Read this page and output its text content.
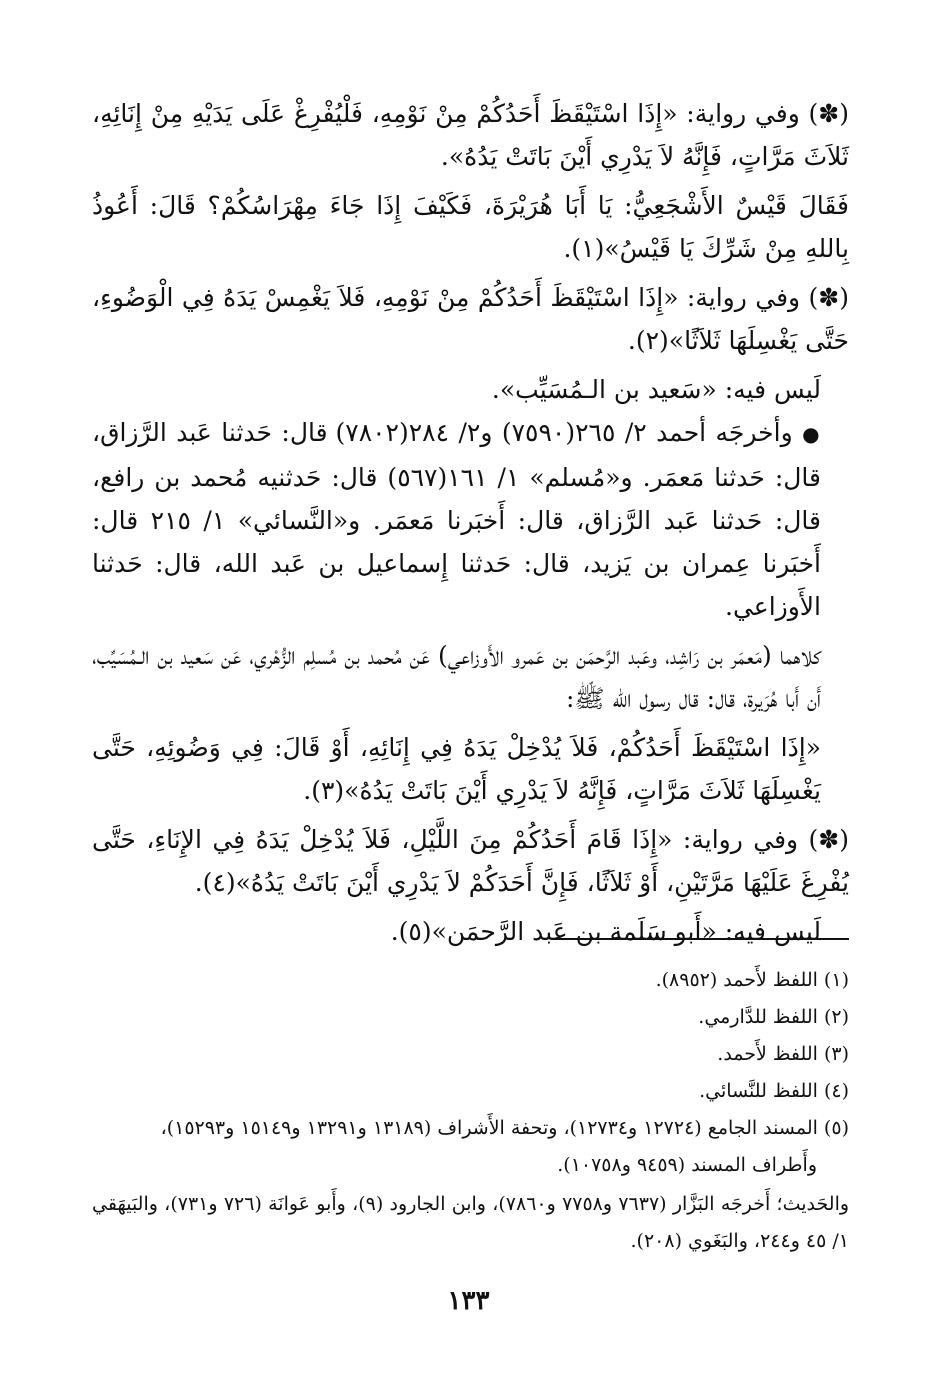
(✽) وفي رواية: «إِذَا اسْتَيْقَظَ أَحَدُكُمْ مِنْ نَوْمِهِ، فَلْيُفْرِغْ عَلَى يَدَيْهِ مِنْ إِنَائِهِ، ثَلاَثَ مَرَّاتٍ، فَإِنَّهُ لاَ يَدْرِي أَيْنَ بَاتَتْ يَدُهُ».

فَقَالَ قَيْسٌ الأَشْجَعِيُّ: يَا أَبَا هُرَيْرَةَ، فَكَيْفَ إِذَا جَاءَ مِهْرَاسُكُمْ؟ قَالَ: أَعُوذُ بِاللهِ مِنْ شَرِّكَ يَا قَيْسُ»(١).

(✽) وفي رواية: «إِذَا اسْتَيْقَظَ أَحَدُكُمْ مِنْ نَوْمِهِ، فَلاَ يَغْمِسْ يَدَهُ فِي الْوَضُوءِ، حَتَّى يَغْسِلَهَا ثَلاَثًا»(٢).

لَيس فيه: «سَعيد بن الـمُسَيِّب».

● وأخرجَه أحمد ٢/ ٢٦٥(٧٥٩٠) و٢/ ٢٨٤(٧٨٠٢) قال: حَدثنا عَبد الرَّزاق، قال: حَدثنا مَعمَر. و«مُسلم» ١/ ١٦١(٥٦٧) قال: حَدثنيه مُحمد بن رافع، قال: حَدثنا عَبد الرَّزاق، قال: أَخبَرنا مَعمَر. و«النَّسائي» ١/ ٢١٥ قال: أَخبَرنا عِمران بن يَزيد، قال: حَدثنا إِسماعيل بن عَبد الله، قال: حَدثنا الأَوزاعي.

كلاهما (مَعمَر بن رَاشِد، وعَبد الرَّحمَن بن عَمرو الأَوزاعي) عَن مُحمد بن مُسلِم الزُّهْري، عَن سَعيد بن الـمُسَيِّب، أَن أَبا هُرَيرة، قال: قال رسول الله ﷺ:

«إِذَا اسْتَيْقَظَ أَحَدُكُمْ، فَلاَ يُدْخِلْ يَدَهُ فِي إِنَائِهِ، أَوْ قَالَ: فِي وَضُوئِهِ، حَتَّى يَغْسِلَهَا ثَلاَثَ مَرَّاتٍ، فَإِنَّهُ لاَ يَدْرِي أَيْنَ بَاتَتْ يَدُهُ»(٣).

(✽) وفي رواية: «إِذَا قَامَ أَحَدُكُمْ مِنَ اللَّيْلِ، فَلاَ يُدْخِلْ يَدَهُ فِي الإِنَاءِ، حَتَّى يُفْرِغَ عَلَيْهَا مَرَّتَيْنِ، أَوْ ثَلاَثًا، فَإِنَّ أَحَدَكُمْ لاَ يَدْرِي أَيْنَ بَاتَتْ يَدُهُ»(٤).

لَيس فيه: «أَبو سَلَمة بن عَبد الرَّحمَن»(٥).

(١) اللفظ لأَحمد (٨٩٥٢).

(٢) اللفظ للدَّارمي.

(٣) اللفظ لأَحمد.

(٤) اللفظ للنَّسائي.

(٥) المسند الجامع (١٢٧٢٤ و١٢٧٣٤)، وتحفة الأَشراف (١٣١٨٩ و١٣٢٩١ و١٥١٤٩ و١٥٢٩٣)،

وأَطراف المسند (٩٤٥٩ و١٠٧٥٨).

والحَديث؛ أَخرجَه البَزَّار (٧٦٣٧ و٧٧٥٨ و٧٨٦٠)، وابن الجارود (٩)، وأَبو عَوانَة (٧٢٦ و٧٣١)، والبَيهَقي ١/ ٤٥ و٢٤٤، والبَغَوي (٢٠٨).

١٣٣
